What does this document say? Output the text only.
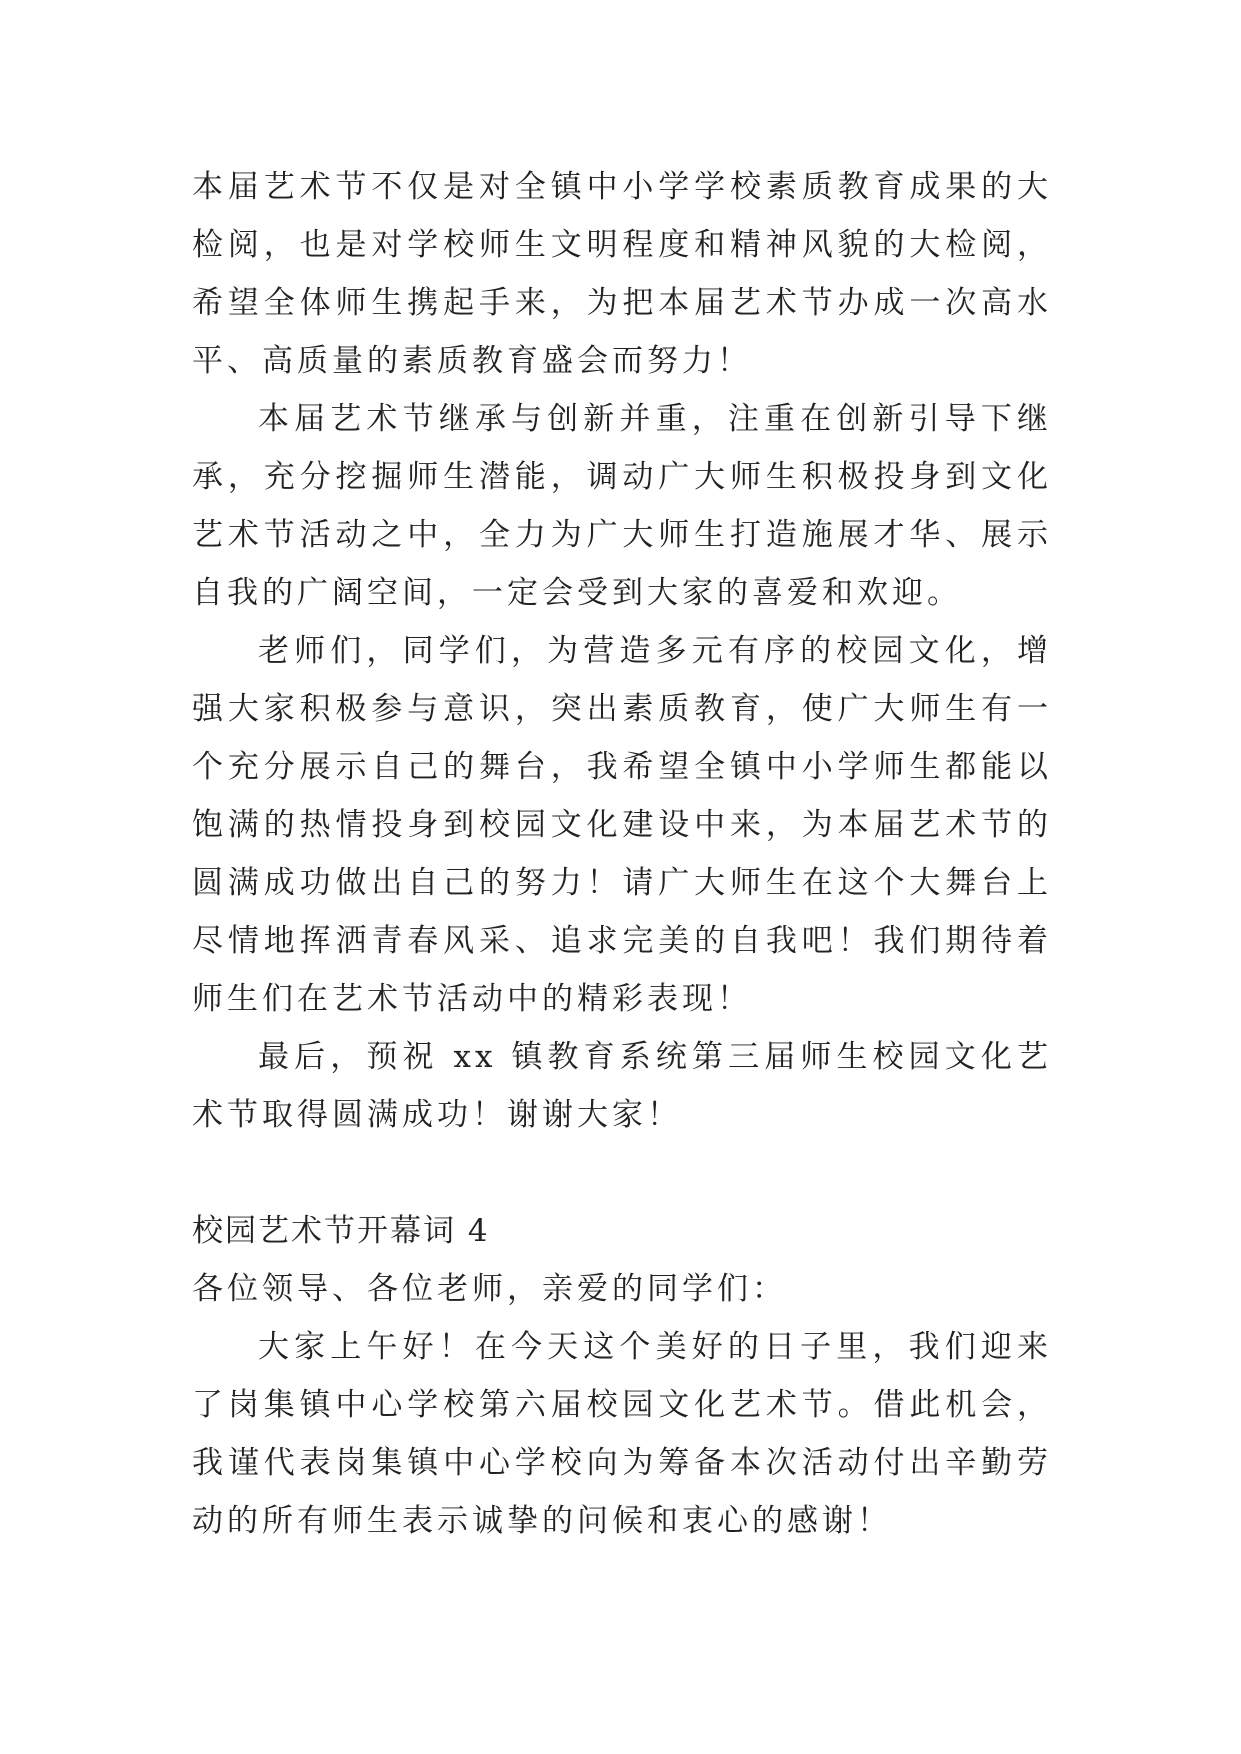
本届艺术节不仅是对全镇中小学学校素质教育成果的大检阅，也是对学校师生文明程度和精神风貌的大检阅，希望全体师生携起手来，为把本届艺术节办成一次高水平、高质量的素质教育盛会而努力！

本届艺术节继承与创新并重，注重在创新引导下继承，充分挖掘师生潜能，调动广大师生积极投身到文化艺术节活动之中，全力为广大师生打造施展才华、展示自我的广阔空间，一定会受到大家的喜爱和欢迎。

老师们，同学们，为营造多元有序的校园文化，增强大家积极参与意识，突出素质教育，使广大师生有一个充分展示自己的舞台，我希望全镇中小学师生都能以饱满的热情投身到校园文化建设中来，为本届艺术节的圆满成功做出自己的努力！请广大师生在这个大舞台上尽情地挥洒青春风采、追求完美的自我吧！我们期待着师生们在艺术节活动中的精彩表现！

最后，预祝 xx 镇教育系统第三届师生校园文化艺术节取得圆满成功！谢谢大家！

校园艺术节开幕词 4

各位领导、各位老师，亲爱的同学们：

大家上午好！在今天这个美好的日子里，我们迎来了岗集镇中心学校第六届校园文化艺术节。借此机会，我谨代表岗集镇中心学校向为筹备本次活动付出辛勤劳动的所有师生表示诚挚的问候和衷心的感谢！
